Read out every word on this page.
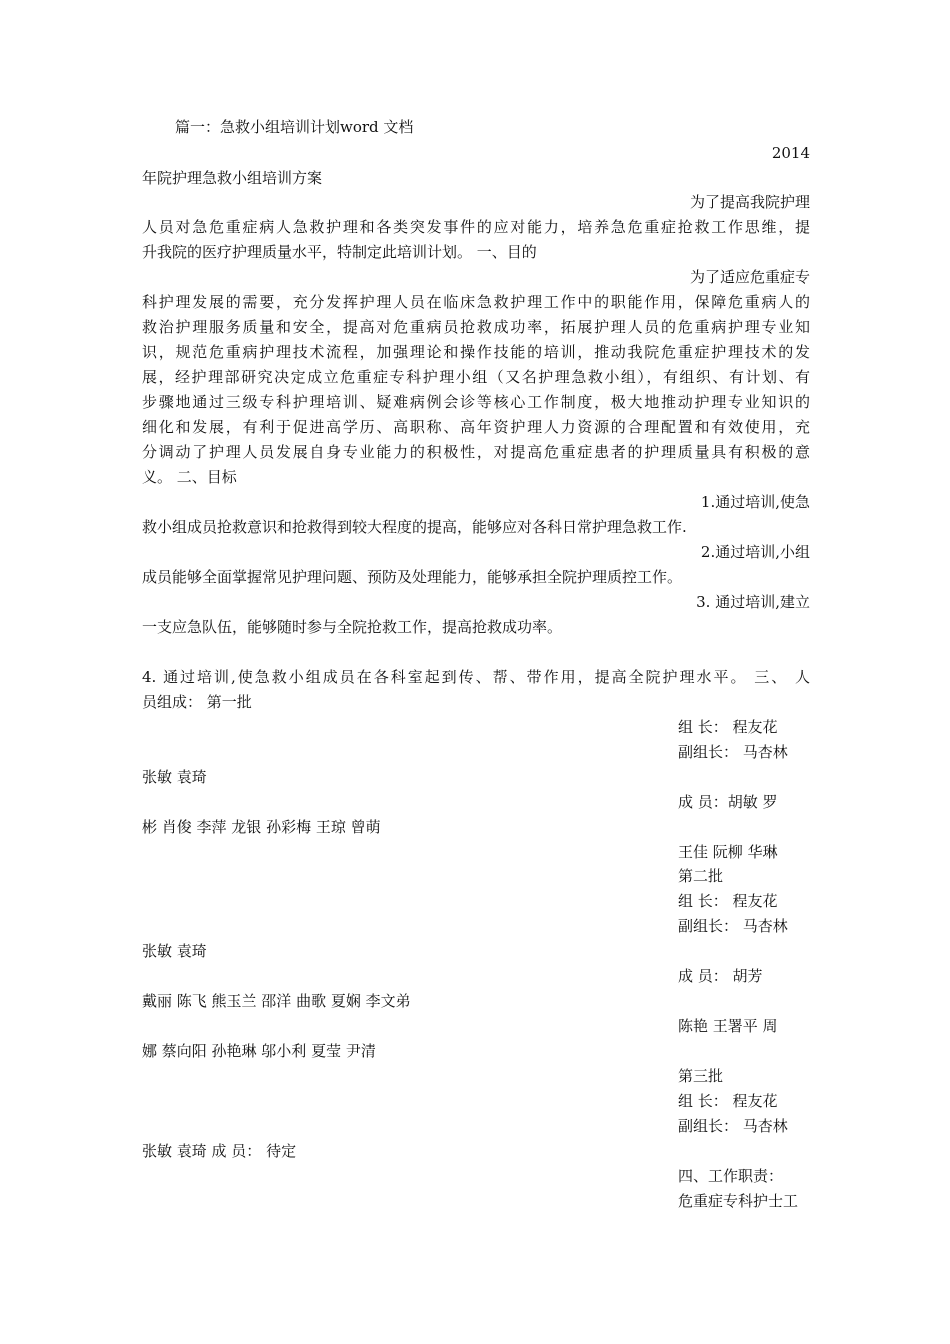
篇一：急救小组培训计划word 文档
2014
年院护理急救小组培训方案
为了提高我院护理
人员对急危重症病人急救护理和各类突发事件的应对能力，培养急危重症抢救工作思维，提
升我院的医疗护理质量水平，特制定此培训计划。 一、目的
为了适应危重症专
科护理发展的需要，充分发挥护理人员在临床急救护理工作中的职能作用，保障危重病人的
救治护理服务质量和安全，提高对危重病员抢救成功率，拓展护理人员的危重病护理专业知
识，规范危重病护理技术流程，加强理论和操作技能的培训，推动我院危重症护理技术的发
展，经护理部研究决定成立危重症专科护理小组（又名护理急救小组），有组织、有计划、有
步骤地通过三级专科护理培训、疑难病例会诊等核心工作制度，极大地推动护理专业知识的
细化和发展，有利于促进高学历、高职称、高年资护理人力资源的合理配置和有效使用，充
分调动了护理人员发展自身专业能力的积极性，对提高危重症患者的护理质量具有积极的意
义。 二、目标
1.通过培训,使急
救小组成员抢救意识和抢救得到较大程度的提高，能够应对各科日常护理急救工作.
2.通过培训,小组
成员能够全面掌握常见护理问题、预防及处理能力，能够承担全院护理质控工作。
3. 通过培训,建立
一支应急队伍，能够随时参与全院抢救工作，提高抢救成功率。
4. 通过培训,使急救小组成员在各科室起到传、帮、带作用，提高全院护理水平。 三、 人
员组成： 第一批
组 长： 程友花
副组长： 马杏林
张敏 袁琦
成 员：胡敏 罗
彬 肖俊 李萍 龙银 孙彩梅 王琼 曾萌
王佳 阮柳 华琳
第二批
组 长： 程友花
副组长： 马杏林
张敏 袁琦
成 员： 胡芳
戴丽 陈飞 熊玉兰 邵洋 曲歌 夏娴 李文弟
陈艳 王署平 周
娜 蔡向阳 孙艳琳 邬小利 夏莹 尹清
第三批
组 长： 程友花
副组长： 马杏林
张敏 袁琦 成 员： 待定
四、工作职责：
危重症专科护士工
